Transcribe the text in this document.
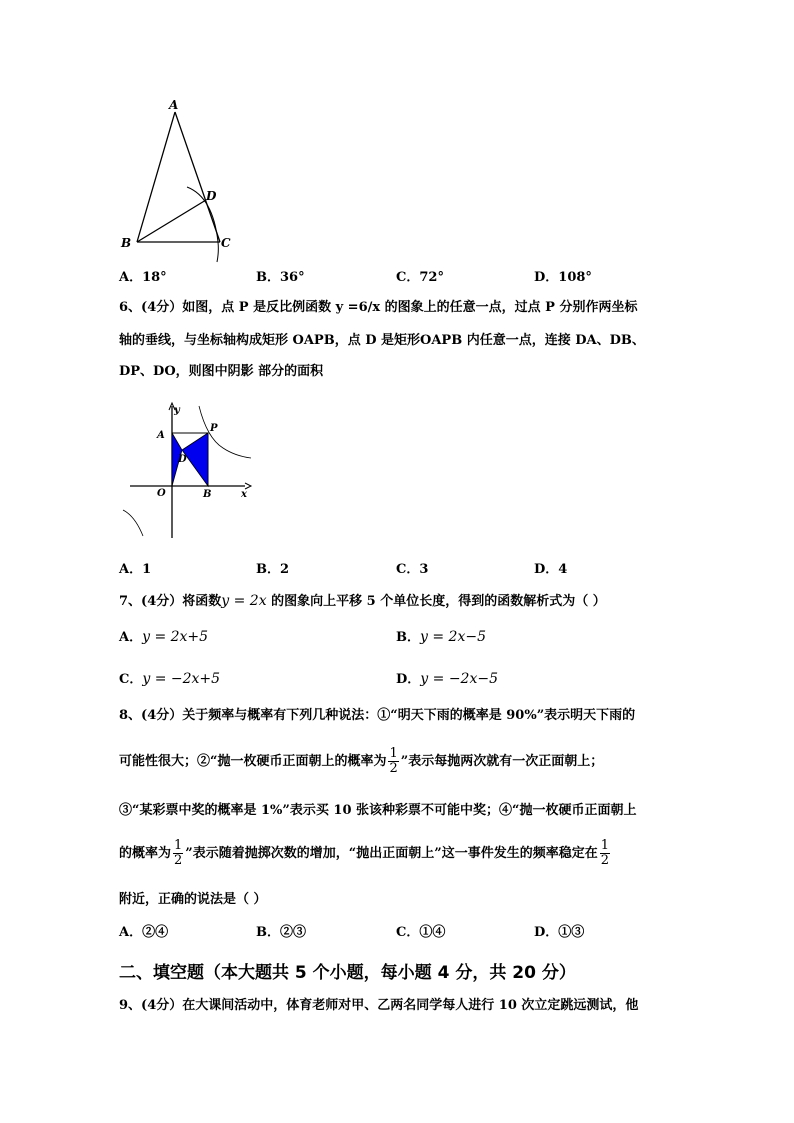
A
B	C
D
A．18°	B．36°	C．72°	D．108°
6、(4分）如图，点 P 是反比例函数 y =6/x 的图象上的任意一点，过点 P 分别作两坐标
轴的垂线，与坐标轴构成矩形 OAPB，点 D 是矩形OAPB 内任意一点，连接 DA、DB、
DP、DO，则图中阴影 部分的面积
y
x
O
A
B
P
D
A．1	B．2	C．3	D．4
7、(4分）将函数y = 2x 的图象向上平移 5 个单位长度，得到的函数解析式为（ ）
A．y = 2x+5	B．y = 2x−5
C．y = −2x+5	D．y = −2x−5
8、(4分）关于频率与概率有下列几种说法：①“明天下雨的概率是 90%”表示明天下雨的
可能性很大；②“抛一枚硬币正面朝上的概率为 $\frac{1}{2}$ ”表示每抛两次就有一次正面朝上；
③“某彩票中奖的概率是 1%”表示买 10 张该种彩票不可能中奖；④“抛一枚硬币正面朝上
的概率为 $\frac{1}{2}$ ”表示随着抛掷次数的增加，“抛出正面朝上”这一事件发生的频率稳定在 $\frac{1}{2}$
附近，正确的说法是（ ）
A．②④	B．②③	C．①④	D．①③
二、填空题（本大题共 5 个小题，每小题 4 分，共 20 分）
9、(4分）在大课间活动中，体育老师对甲、乙两名同学每人进行 10 次立定跳远测试，他
